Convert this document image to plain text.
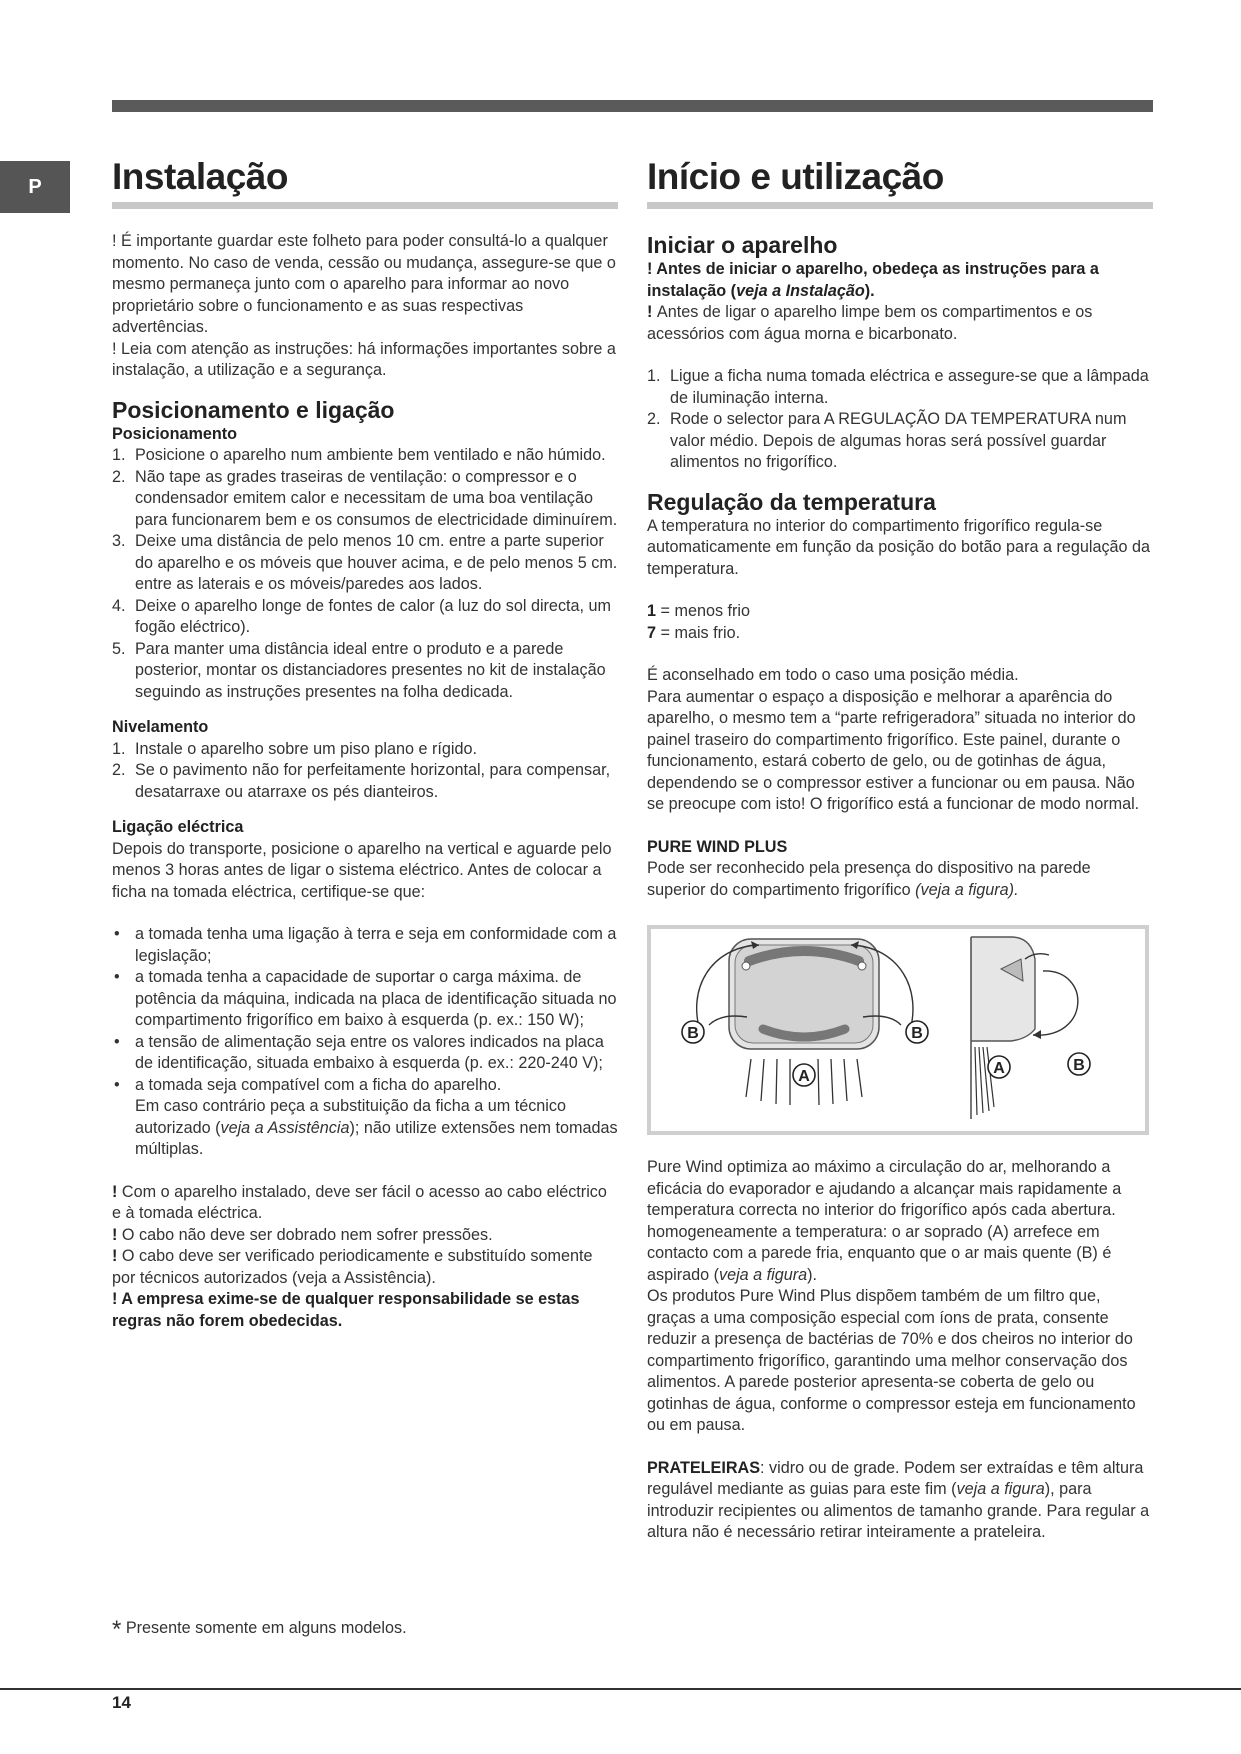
P	Instalação

! É importante guardar este folheto para poder consultá-lo a qualquer momento. No caso de venda, cessão ou mudança, assegure-se que o mesmo permaneça junto com o aparelho para informar ao novo proprietário sobre o funcionamento e as suas respectivas advertências.

! Leia com atenção as instruções: há informações importantes sobre a instalação, a utilização e a segurança.

Posicionamento e ligação
Posicionamento
1. Posicione o aparelho num ambiente bem ventilado e não húmido.
2. Não tape as grades traseiras de ventilação: o compressor e o condensador emitem calor e necessitam de uma boa ventilação para funcionarem bem e os consumos de electricidade diminuírem.
3. Deixe uma distância de pelo menos 10 cm. entre a parte superior do aparelho e os móveis que houver acima, e de pelo menos 5 cm. entre as laterais e os móveis/paredes aos lados.
4. Deixe o aparelho longe de fontes de calor (a luz do sol directa, um fogão eléctrico).
5. Para manter uma distância ideal entre o produto e a parede posterior, montar os distanciadores presentes no kit de instalação seguindo as instruções presentes na folha dedicada.
Nivelamento
1. Instale o aparelho sobre um piso plano e rígido.
2. Se o pavimento não for perfeitamente horizontal, para compensar, desatarraxe ou atarraxe os pés dianteiros.
Ligação eléctrica

Depois do transporte, posicione o aparelho na vertical e aguarde pelo menos 3 horas antes de ligar o sistema eléctrico. Antes de colocar a ficha na tomada eléctrica, certifique-se que:

• a tomada tenha uma ligação à terra e seja em conformidade com a legislação;
• a tomada tenha a capacidade de suportar o carga máxima. de potência da máquina, indicada na placa de identificação situada no compartimento frigorífico em baixo à esquerda (p. ex.: 150 W);
• a tensão de alimentação seja entre os valores indicados na placa de identificação, situada embaixo à esquerda (p. ex.: 220-240 V);
• a tomada seja compatível com a ficha do aparelho.
Em caso contrário peça a substituição da ficha a um técnico autorizado (veja a Assistência); não utilize extensões nem tomadas múltiplas.

! Com o aparelho instalado, deve ser fácil o acesso ao cabo eléctrico e à tomada eléctrica.

! O cabo não deve ser dobrado nem sofrer pressões.

! O cabo deve ser verificado periodicamente e substituído somente por técnicos autorizados (veja a Assistência).

! A empresa exime-se de qualquer responsabilidade se estas regras não forem obedecidas.

Início e utilização
Iniciar o aparelho

! Antes de iniciar o aparelho, obedeça as instruções para a instalação (veja a Instalação).

! Antes de ligar o aparelho limpe bem os compartimentos e os acessórios com água morna e bicarbonato.

1. Ligue a ficha numa tomada eléctrica e assegure-se que a lâmpada de iluminação interna.
2. Rode o selector para A REGULAÇÃO DA TEMPERATURA num valor médio. Depois de algumas horas será possível guardar alimentos no frigorífico.
Regulação da temperatura

A temperatura no interior do compartimento frigorífico regula-se automaticamente em função da posição do botão para a regulação da temperatura.

1 = menos frio

7 = mais frio.

É aconselhado em todo o caso uma posição média.

Para aumentar o espaço a disposição e melhorar a aparência do aparelho, o mesmo tem a “parte refrigeradora” situada no interior do painel traseiro do compartimento frigorífico. Este painel, durante o funcionamento, estará coberto de gelo, ou de gotinhas de água, dependendo se o compressor estiver a funcionar ou em pausa. Não se preocupe com isto! O frigorífico está a funcionar de modo normal.

PURE WIND PLUS

Pode ser reconhecido pela presença do dispositivo na parede superior do compartimento frigorífico (veja a figura).

B	B
A	A	B

Pure Wind optimiza ao máximo a circulação do ar, melhorando a eficácia do evaporador e ajudando a alcançar mais rapidamente a temperatura correcta no interior do frigorífico após cada abertura. homogeneamente a temperatura: o ar soprado (A) arrefece em contacto com a parede fria, enquanto que o ar mais quente (B) é aspirado (veja a figura).

Os produtos Pure Wind Plus dispõem também de um filtro que, graças a uma composição especial com íons de prata, consente reduzir a presença de bactérias de 70% e dos cheiros no interior do compartimento frigorífico, garantindo uma melhor conservação dos alimentos. A parede posterior apresenta-se coberta de gelo ou gotinhas de água, conforme o compressor esteja em funcionamento ou em pausa.

PRATELEIRAS: vidro ou de grade. Podem ser extraídas e têm altura regulável mediante as guias para este fim (veja a figura), para introduzir recipientes ou alimentos de tamanho grande. Para regular a altura não é necessário retirar inteiramente a prateleira.

* Presente somente em alguns modelos.
14
